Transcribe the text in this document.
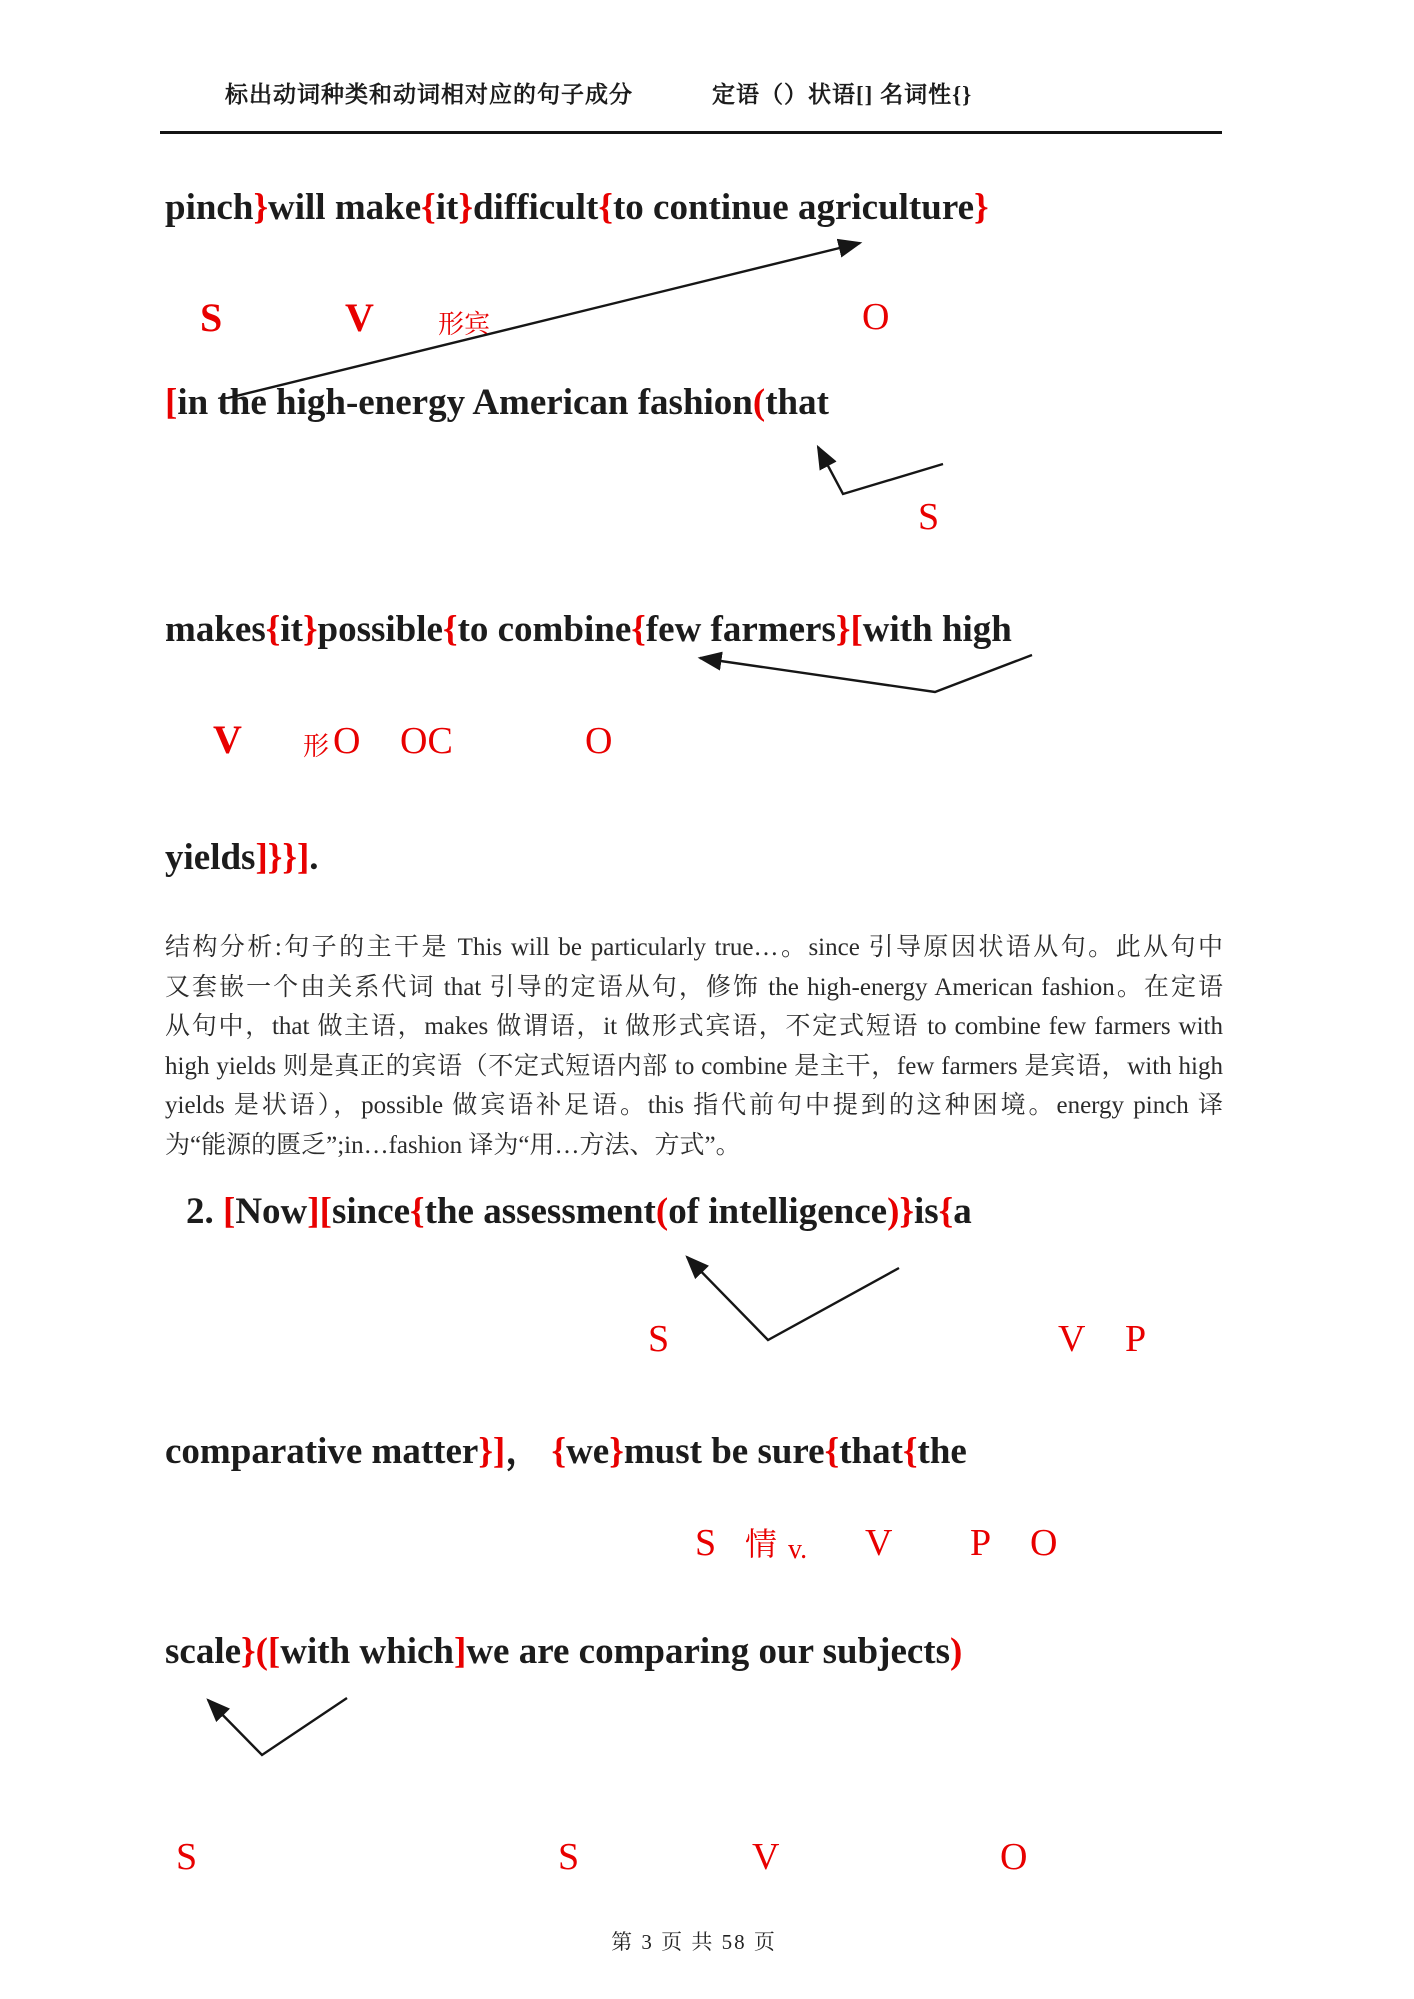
标出动词种类和动词相对应的句子成分	定语（）状语[] 名词性{}
pinch}will make{it}difficult{to continue agriculture}
S	V 形宾	O
[in the high-energy American fashion(that
S
makes{it}possible{to combine{few farmers}[with high
V 形 O OC	O
yields]}}].
结构分析:句子的主干是 This will be particularly true…。since 引导原因状语从句。此从句中
又套嵌一个由关系代词 that 引导的定语从句，修饰 the high-energy American fashion。在定语
从句中，that 做主语，makes 做谓语，it 做形式宾语，不定式短语 to combine few farmers with
high yields 则是真正的宾语（不定式短语内部 to combine 是主干，few farmers 是宾语，with high
yields 是状语），possible 做宾语补足语。this 指代前句中提到的这种困境。energy pinch 译
为“能源的匮乏”;in…fashion 译为“用…方法、方式”。
2. [Now][since{the assessment(of intelligence)}is{a
S	V P
comparative matter}]， {we}must be sure{that{the
S 情 v. V P O
scale}([with which]we are comparing our subjects)
S	S	V	O
第 3 页 共 58 页
